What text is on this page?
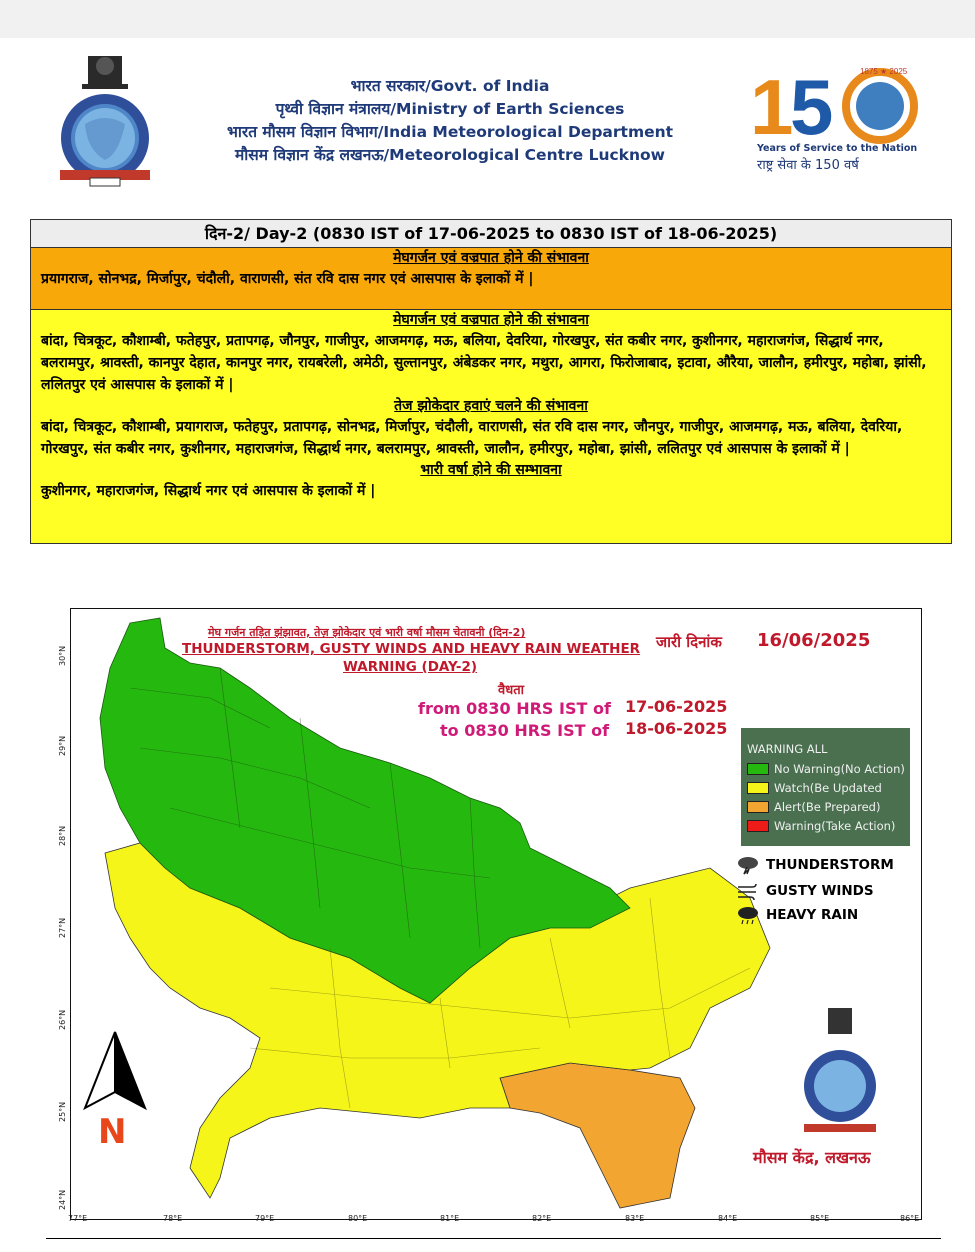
भारत सरकार/Govt. of India
पृथ्वी विज्ञान मंत्रालय/Ministry of Earth Sciences
भारत मौसम विज्ञान विभाग/India Meteorological Department
मौसम विज्ञान केंद्र लखनऊ/Meteorological Centre Lucknow
1
5	1875 ★ 2025
Years of Service to the Nation
राष्ट्र सेवा के 150 वर्ष
दिन-2/ Day-2 (0830 IST of 17-06-2025 to 0830 IST of 18-06-2025)
मेघगर्जन एवं वज्रपात होने की संभावना
प्रयागराज, सोनभद्र, मिर्जापुर, चंदौली, वाराणसी, संत रवि दास नगर एवं आसपास के इलाकों में |
मेघगर्जन एवं वज्रपात होने की संभावना
बांदा, चित्रकूट, कौशाम्बी, फतेहपुर, प्रतापगढ़, जौनपुर, गाजीपुर, आजमगढ़, मऊ, बलिया, देवरिया, गोरखपुर, संत कबीर नगर, कुशीनगर, महाराजगंज, सिद्धार्थ नगर, बलरामपुर, श्रावस्ती, कानपुर देहात, कानपुर नगर, रायबरेली, अमेठी, सुल्तानपुर, अंबेडकर नगर, मथुरा, आगरा, फिरोजाबाद, इटावा, औरैया, जालौन, हमीरपुर, महोबा, झांसी, ललितपुर एवं आसपास के इलाकों में |
तेज झोकेदार हवाएं चलने की संभावना
बांदा, चित्रकूट, कौशाम्बी, प्रयागराज, फतेहपुर, प्रतापगढ़, सोनभद्र, मिर्जापुर, चंदौली, वाराणसी, संत रवि दास नगर, जौनपुर, गाजीपुर, आजमगढ़, मऊ, बलिया, देवरिया, गोरखपुर, संत कबीर नगर, कुशीनगर, महाराजगंज, सिद्धार्थ नगर, बलरामपुर, श्रावस्ती, जालौन, हमीरपुर, महोबा, झांसी, ललितपुर एवं आसपास के इलाकों में |
भारी वर्षा होने की सम्भावना
कुशीनगर, महाराजगंज, सिद्धार्थ नगर एवं आसपास के इलाकों में |
77°E	78°E	79°E	80°E	81°E	82°E	83°E	84°E	85°E	86°E
30°N
29°N
28°N
27°N
26°N
25°N
24°N
मेघ गर्जन तड़ित झंझावत, तेज़ झोकेदार एवं भारी वर्षा मौसम चेतावनी (दिन-2)
THUNDERSTORM, GUSTY WINDS AND HEAVY RAIN WEATHER
WARNING (DAY-2)
जारी दिनांक 16/06/2025
वैधता
from 0830 HRS IST of 17-06-2025
to 0830 HRS IST of 18-06-2025
WARNING ALL
No Warning(No Action)
Watch(Be Updated
Alert(Be Prepared)
Warning(Take Action)
THUNDERSTORM
GUSTY WINDS
HEAVY RAIN
N
मौसम केंद्र, लखनऊ
